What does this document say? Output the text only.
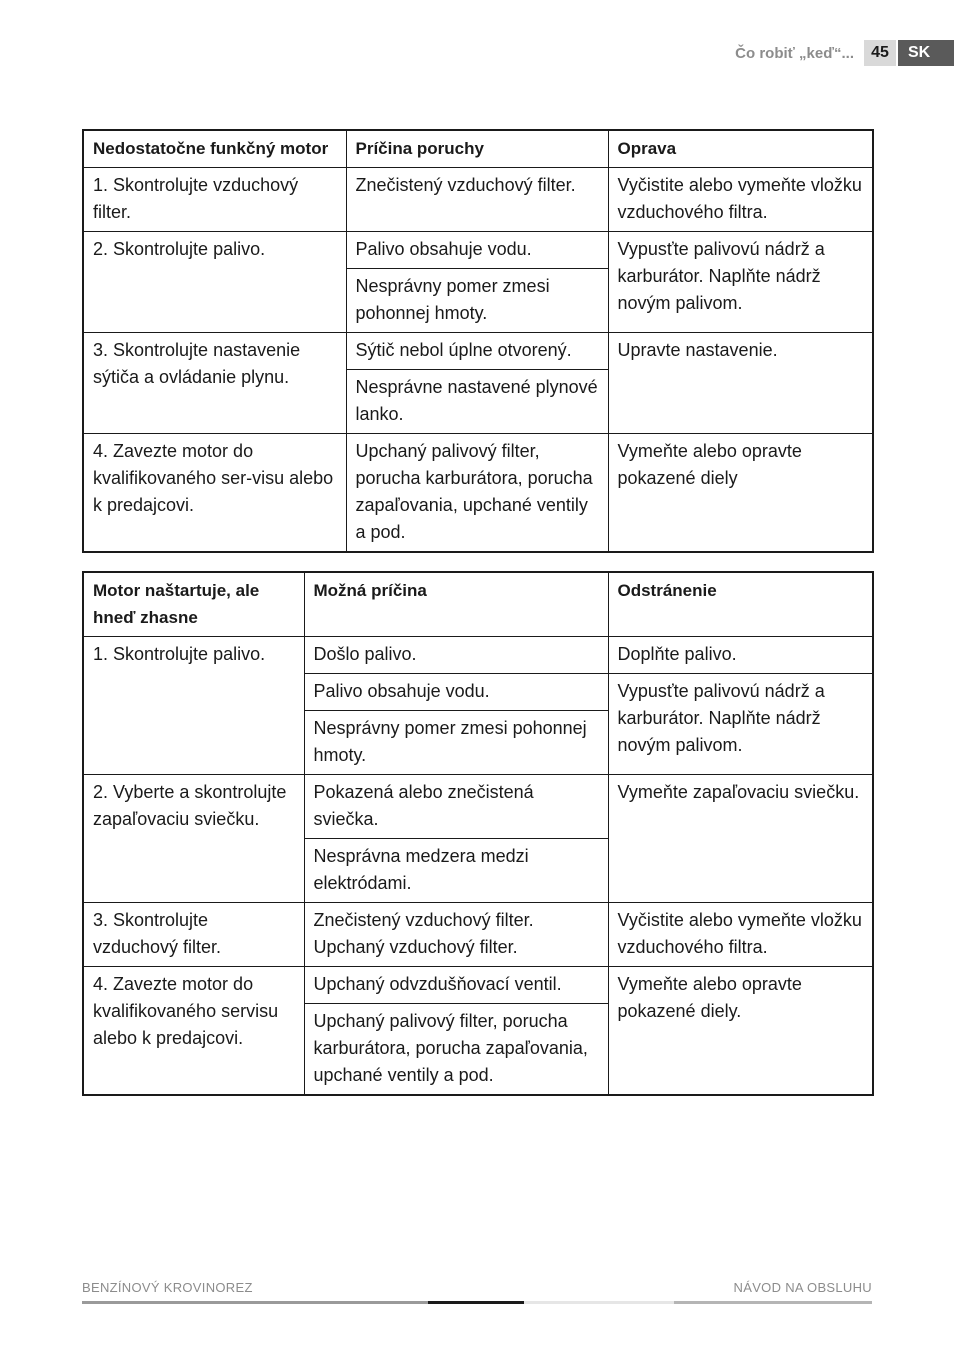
Čo robiť „keď“...	45	SK
Nedostatočne funkčný motor	Príčina poruchy	Oprava
1. Skontrolujte vzduchový filter.	Znečistený vzduchový filter.	Vyčistite alebo vymeňte vložku vzduchového filtra.
2. Skontrolujte palivo.	Palivo obsahuje vodu.	Vypusťte palivovú nádrž a karburátor. Naplňte nádrž novým palivom.
	Nesprávny pomer zmesi pohonnej hmoty.	
3. Skontrolujte nastavenie sýtiča a ovládanie plynu.	Sýtič nebol úplne otvorený.	Upravte nastavenie.
	Nesprávne nastavené plynové lanko.	
4. Zavezte motor do kvalifikovaného ser-visu alebo k predajcovi.	Upchaný palivový filter, porucha karburátora, porucha zapaľovania, upchané ventily a pod.	Vymeňte alebo opravte pokazené diely
Motor naštartuje, ale hneď zhasne	Možná príčina	Odstránenie
1. Skontrolujte palivo.	Došlo palivo.	Doplňte palivo.
	Palivo obsahuje vodu.	Vypusťte palivovú nádrž a karburátor. Naplňte nádrž novým palivom.
	Nesprávny pomer zmesi pohonnej hmoty.	
2. Vyberte a skontrolujte zapaľovaciu sviečku.	Pokazená alebo znečistená sviečka.	Vymeňte zapaľovaciu sviečku.
	Nesprávna medzera medzi elektródami.	
3. Skontrolujte vzduchový filter.	Znečistený vzduchový filter. Upchaný vzduchový filter.	Vyčistite alebo vymeňte vložku vzduchového filtra.
4. Zavezte motor do kvalifikovaného servisu alebo k predajcovi.	Upchaný odvzdušňovací ventil.	Vymeňte alebo opravte pokazené diely.
	Upchaný palivový filter, porucha karburátora, porucha zapaľovania, upchané ventily a pod.	
BENZÍNOVÝ KROVINOREZ	NÁVOD NA OBSLUHU
